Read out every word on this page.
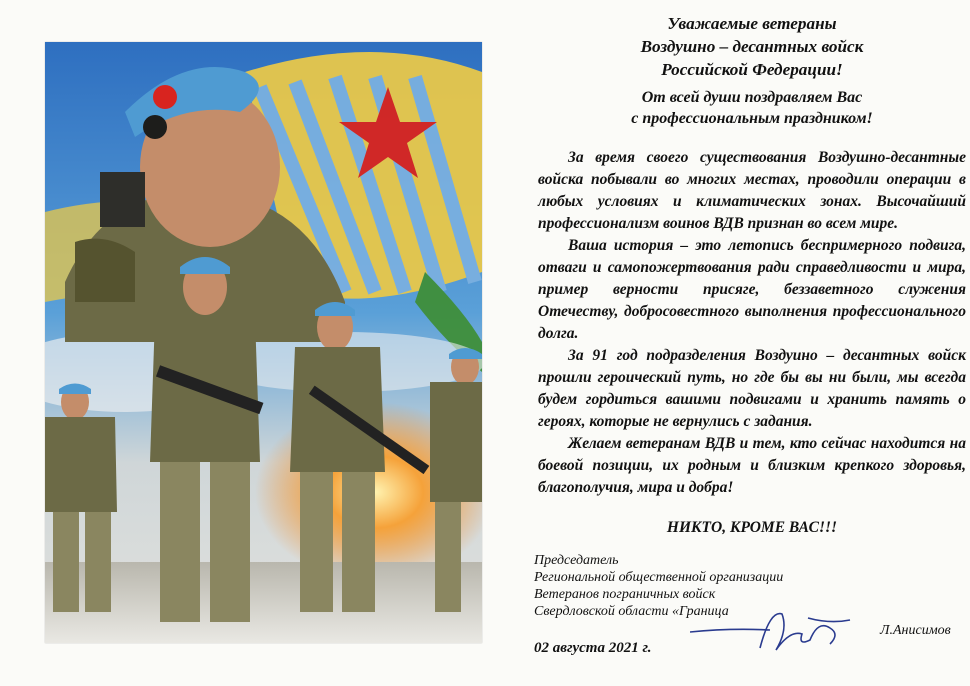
Уважаемые ветераны

Воздушно – десантных войск

Российской Федерации!

От всей души поздравляем Вас

с профессиональным праздником!

За время своего существования Воздушно-десантные войска побывали во многих местах, проводили операции в любых условиях и климатических зонах. Высочайший профессионализм воинов ВДВ признан во всем мире.

Ваша история – это летопись беспримерного подвига, отваги и самопожертвования ради справедливости и мира, пример верности присяге, беззаветного служения Отечеству, добросовестного выполнения профессионального долга.

За 91 год подразделения Воздуино – десантных войск прошли героический путь, но где бы вы ни были, мы всегда будем гордиться вашими подвигами и хранить память о героях, которые не вернулись с задания.

Желаем ветеранам ВДВ и тем, кто сейчас находится на боевой позиции, их родным и близким крепкого здоровья, благополучия, мира и добра!

НИКТО, КРОМЕ ВАС!!!

Председатель

Региональной общественной организации

Ветеранов пограничных войск

Свердловской области «Граница

Л.Анисимов
02 августа 2021 г.
